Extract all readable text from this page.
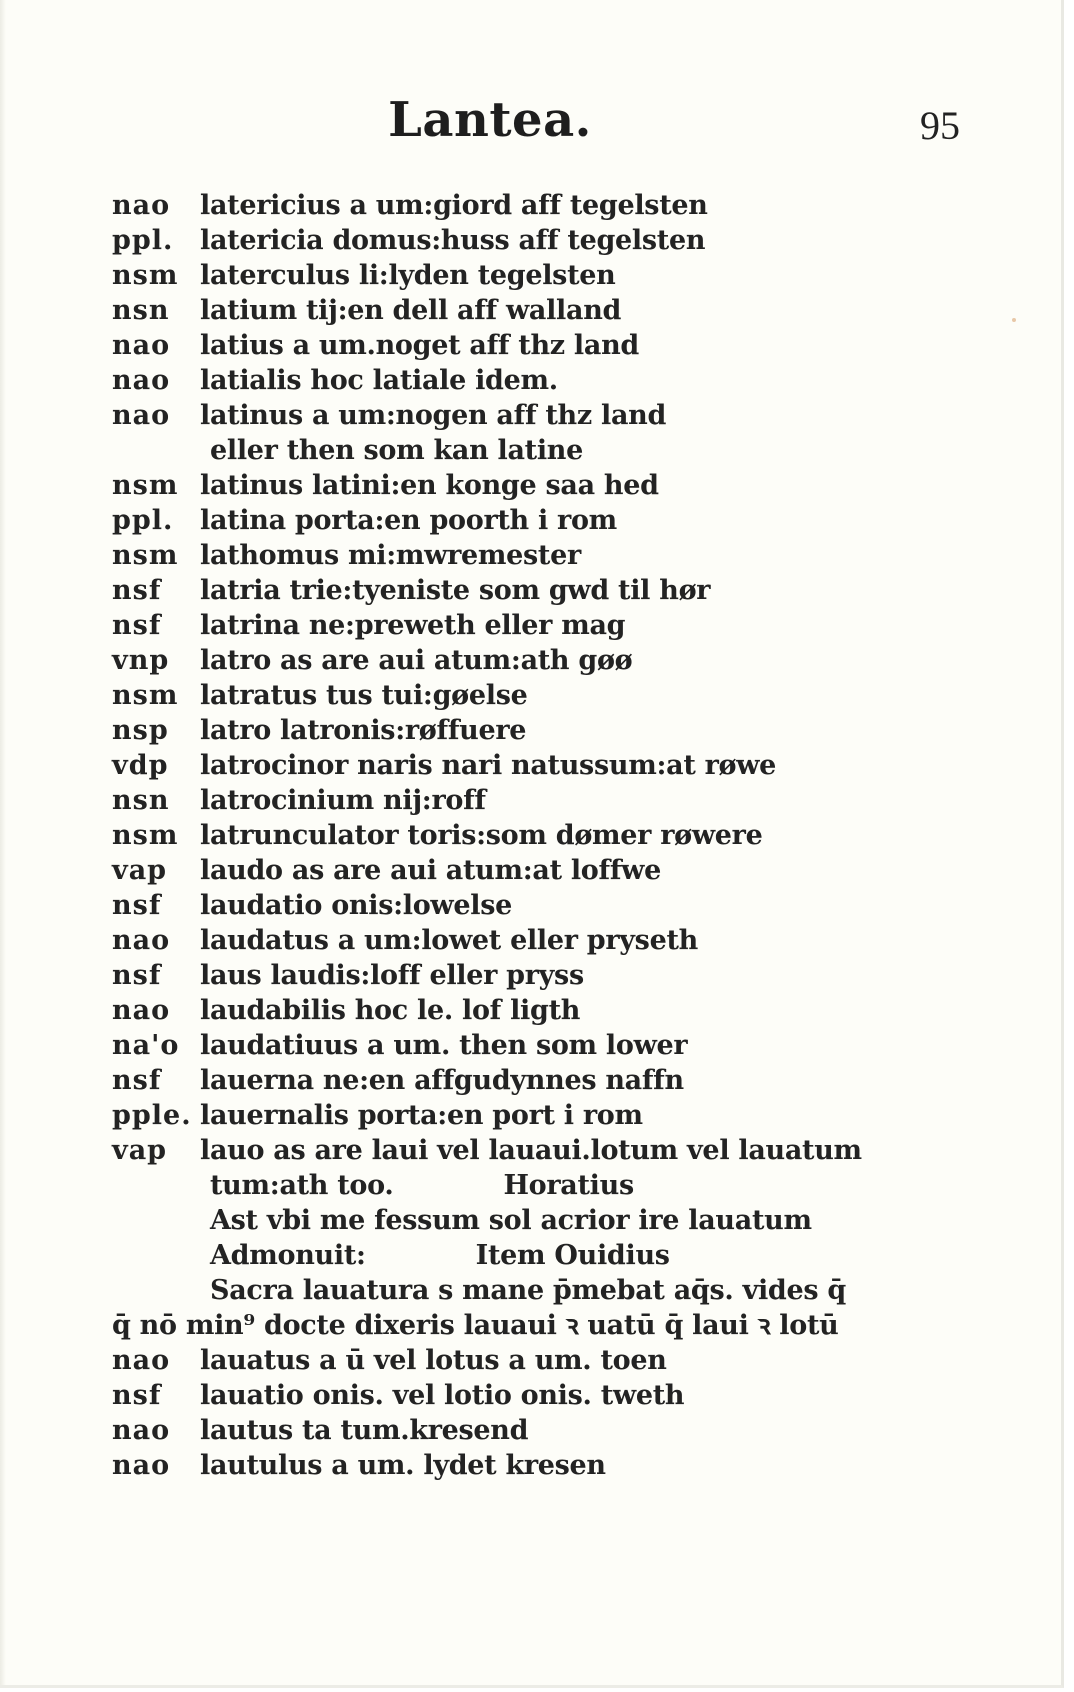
Lantea.	95
nao	latericius a um:giord aff tegelsten
ppl. latericia domus:huss aff tegelsten
nsm laterculus li:lyden tegelsten
nsn	latium tij:en dell aff walland
nao	latius a um.noget aff thz land
nao	latialis hoc latiale idem.
nao	latinus a um:nogen aff thz land
eller then som kan latine
nsm latinus latini:en konge saa hed
ppl. latina porta:en poorth i rom
nsm lathomus mi:mwremester
nsf	latria trie:tyeniste som gwd til hør
nsf	latrina ne:preweth eller mag
vnp	latro as are aui atum:ath gøø
nsm latratus tus tui:gøelse
nsp	latro latronis:røffuere
vdp	latrocinor naris nari natussum:at røwe
nsn	latrocinium nij:roff
nsm latrunculator toris:som dømer røwere
vap	laudo as are aui atum:at loffwe
nsf	laudatio onis:lowelse
nao	laudatus a um:lowet eller pryseth
nsf	laus laudis:loff eller pryss
nao	laudabilis hoc le. lof ligth
na'o laudatiuus a um. then som lower
nsf	lauerna ne:en affgudynnes naffn
pple. lauernalis porta:en port i rom
vap	lauo as are laui vel lauaui.lotum vel lauatum
tum:ath too.	Horatius
Ast vbi me fessum sol acrior ire lauatum
Admonuit:	Item Ouidius
Sacra lauatura s mane p̄mebat aq̄s. vides q̄
q̄ nō min⁹ docte dixeris lauaui ꝛ uatū q̄ laui ꝛ lotū
nao	lauatus a ū vel lotus a um. toen
nsf	lauatio onis. vel lotio onis. tweth
nao	lautus ta tum.kresend
nao	lautulus a um. lydet kresen
